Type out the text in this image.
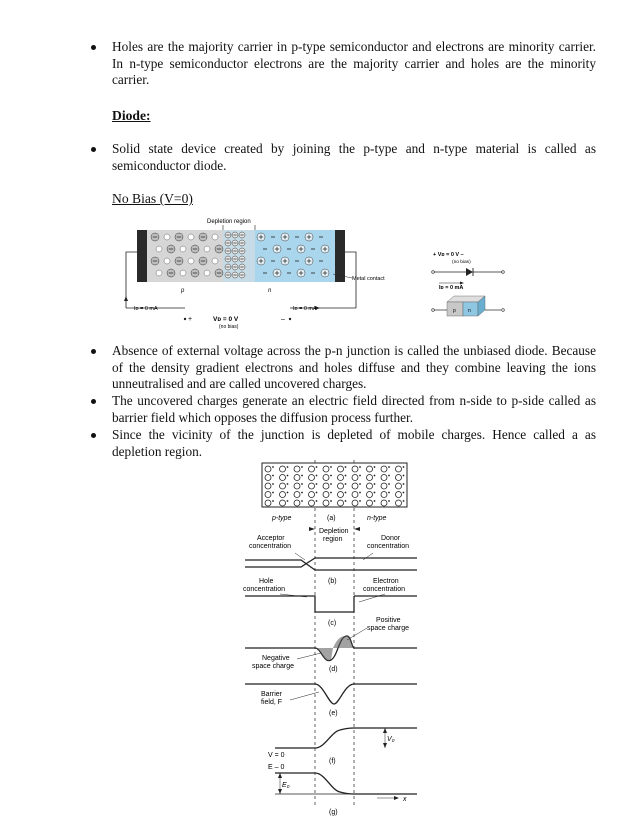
Holes are the majority carrier in p-type semiconductor and electrons are minority carrier. In n-type semiconductor electrons are the majority carrier and holes are the minority carrier.
Diode:
Solid state device created by joining the p-type and n-type material is called as semiconductor diode.
No Bias (V=0)
Depletion region
p	n
Metal contact
Iᴅ = 0 mA	Iᴅ = 0 mA
+	–
Vᴅ = 0 V
(no bias)
+ Vᴅ = 0 V –
(no bias)
Iᴅ = 0 mA
p n
Absence of external voltage across the p-n junction is called the unbiased diode. Because of the density gradient electrons and holes diffuse and they combine leaving the ions unneutralised and are called uncovered charges.
The uncovered charges generate an electric field directed from n-side to p-side called as barrier field which opposes the diffusion process further.
Since the vicinity of the junction is depleted of mobile charges. Hence called a as depletion region.
p-type	(a)	n-type
Depletion
region
Acceptor
concentration
Donor
concentration
Hole
concentration
(b)	Electron
concentration
Positive
space charge
(c)
Negative
space charge	(d)
Barrier
field, F
(e)
V₀
V = 0
(f)
E – 0
E₀
x
(g)
